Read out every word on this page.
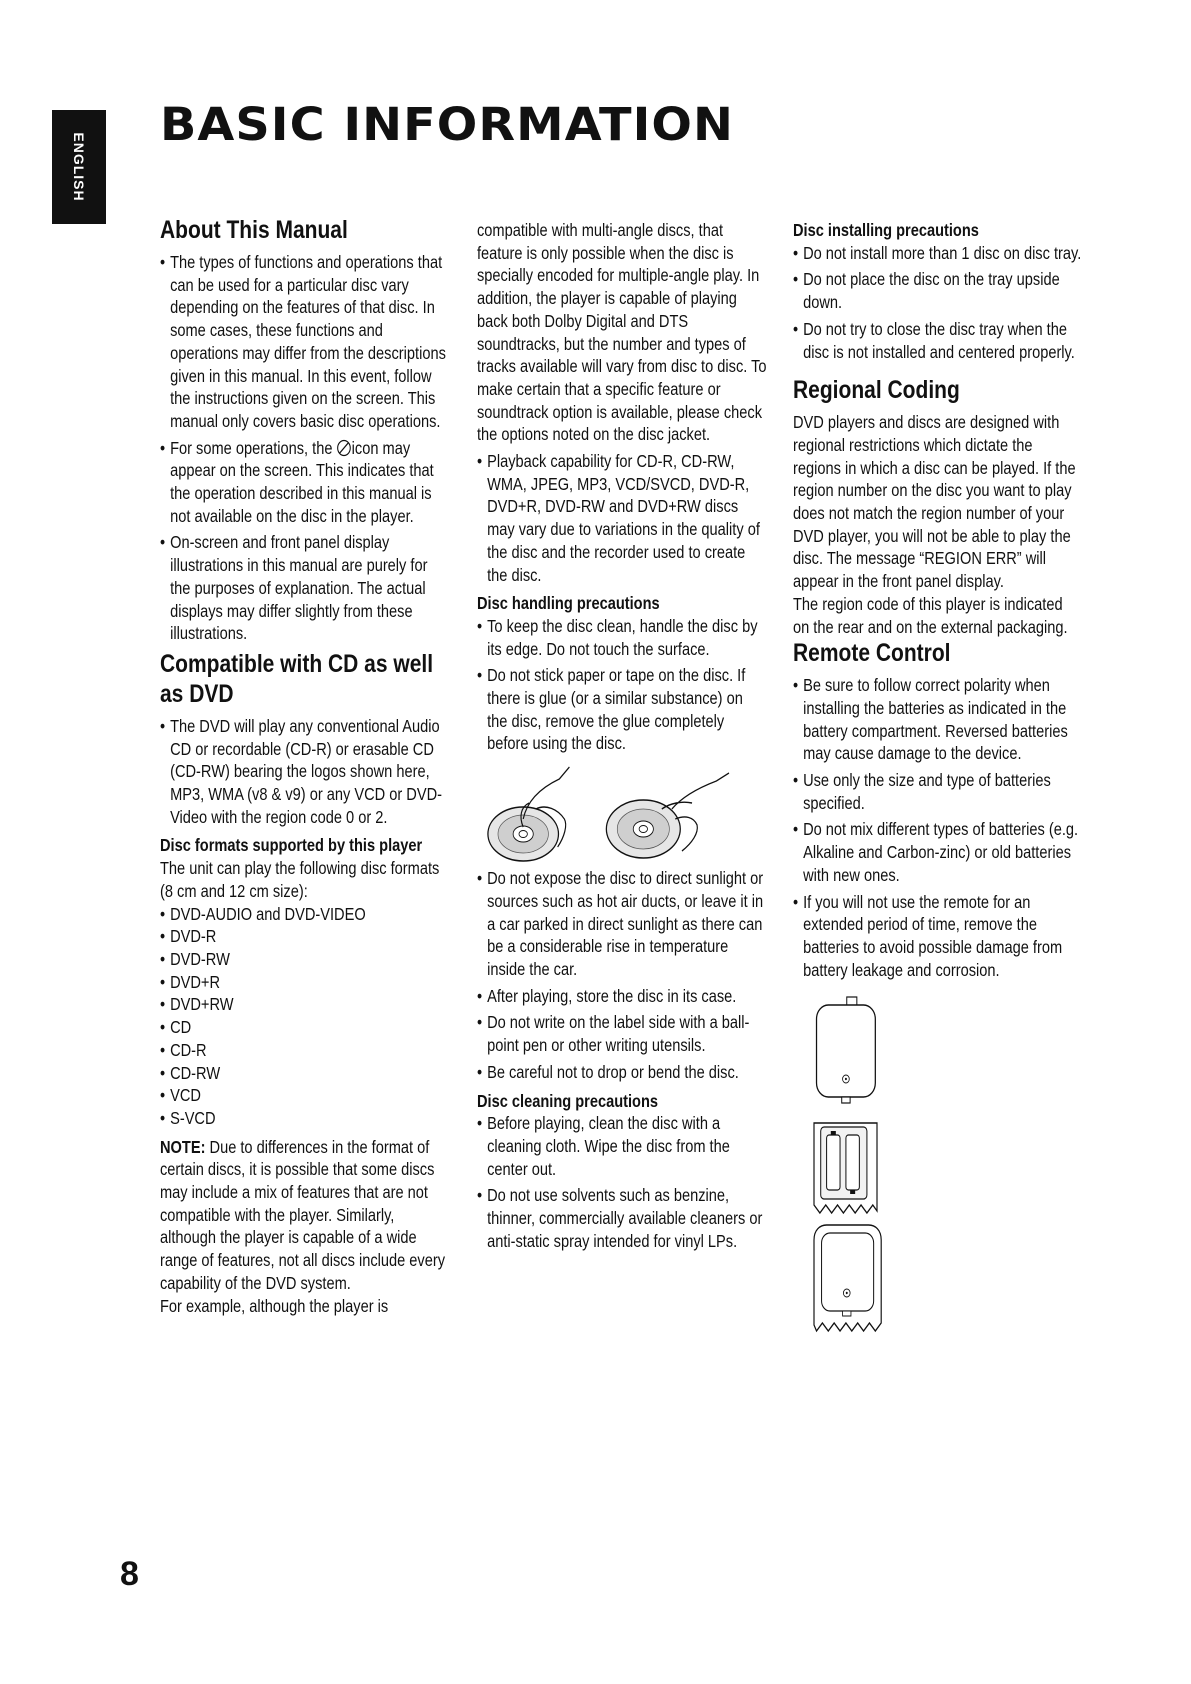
ENGLISH
BASIC INFORMATION
About This Manual
• The types of functions and operations that can be used for a particular disc vary depending on the features of that disc. In some cases, these functions and operations may differ from the descriptions given in this manual. In this event, follow the instructions given on the screen. This manual only covers basic disc operations.
• For some operations, the icon may appear on the screen. This indicates that the operation described in this manual is not available on the disc in the player.
• On-screen and front panel display illustrations in this manual are purely for the purposes of explanation. The actual displays may differ slightly from these illustrations.
Compatible with CD as well as DVD
• The DVD will play any conventional Audio CD or recordable (CD-R) or erasable CD (CD-RW) bearing the logos shown here, MP3, WMA (v8 & v9) or any VCD or DVD-Video with the region code 0 or 2.
Disc formats supported by this player

The unit can play the following disc formats (8 cm and 12 cm size):

• DVD-AUDIO and DVD-VIDEO
• DVD-R
• DVD-RW
• DVD+R
• DVD+RW
• CD
• CD-R
• CD-RW
• VCD
• S-VCD

NOTE: Due to differences in the format of certain discs, it is possible that some discs may include a mix of features that are not compatible with the player. Similarly, although the player is capable of a wide range of features, not all discs include every capability of the DVD system.

For example, although the player is

compatible with multi-angle discs, that feature is only possible when the disc is specially encoded for multiple-angle play. In addition, the player is capable of playing back both Dolby Digital and DTS soundtracks, but the number and types of tracks available will vary from disc to disc. To make certain that a specific feature or soundtrack option is available, please check the options noted on the disc jacket.

• Playback capability for CD-R, CD-RW, WMA, JPEG, MP3, VCD/SVCD, DVD-R, DVD+R, DVD-RW and DVD+RW discs may vary due to variations in the quality of the disc and the recorder used to create the disc.
Disc handling precautions
• To keep the disc clean, handle the disc by its edge. Do not touch the surface.
• Do not stick paper or tape on the disc. If there is glue (or a similar substance) on the disc, remove the glue completely before using the disc.
• Do not expose the disc to direct sunlight or sources such as hot air ducts, or leave it in a car parked in direct sunlight as there can be a considerable rise in temperature inside the car.
• After playing, store the disc in its case.
• Do not write on the label side with a ball-point pen or other writing utensils.
• Be careful not to drop or bend the disc.
Disc cleaning precautions
• Before playing, clean the disc with a cleaning cloth. Wipe the disc from the center out.
• Do not use solvents such as benzine, thinner, commercially available cleaners or anti-static spray intended for vinyl LPs.
Disc installing precautions
• Do not install more than 1 disc on disc tray.
• Do not place the disc on the tray upside down.
• Do not try to close the disc tray when the disc is not installed and centered properly.
Regional Coding

DVD players and discs are designed with regional restrictions which dictate the regions in which a disc can be played. If the region number on the disc you want to play does not match the region number of your DVD player, you will not be able to play the disc. The message “REGION ERR” will appear in the front panel display.

The region code of this player is indicated on the rear and on the external packaging.

Remote Control
• Be sure to follow correct polarity when installing the batteries as indicated in the battery compartment. Reversed batteries may cause damage to the device.
• Use only the size and type of batteries specified.
• Do not mix different types of batteries (e.g. Alkaline and Carbon-zinc) or old batteries with new ones.
• If you will not use the remote for an extended period of time, remove the batteries to avoid possible damage from battery leakage and corrosion.

8
